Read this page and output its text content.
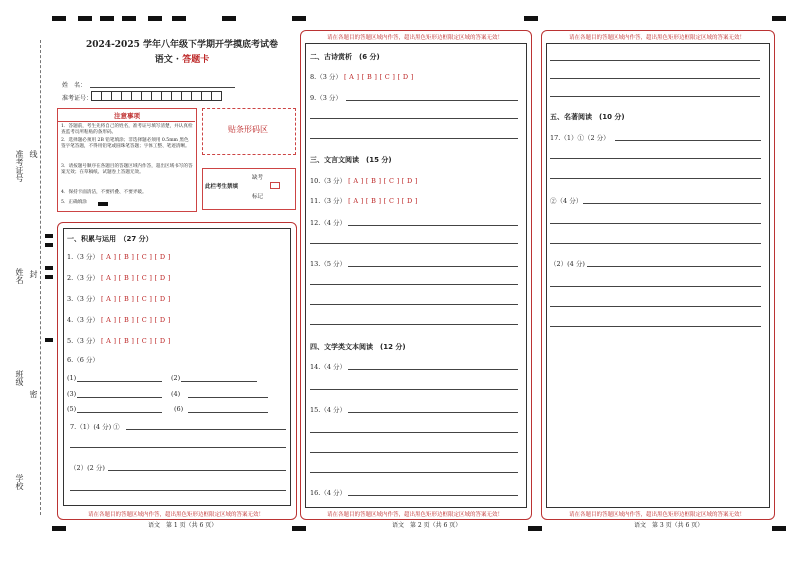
准考证号 线
姓名 封
班级
密
学校
2024-2025 学年八年级下学期开学摸底考试卷
语文 · 答题卡
姓　名：
准考证号：
注意事项
1．答题前，考生先将自己的姓名，准考证号填写清楚，并认真检查监考员所粘贴的条形码。
2．选择题必须用 2B 铅笔填涂；非选择题必须用 0.5mm 黑色签字笔答题，不得用铅笔或圆珠笔答题；字体工整、笔迹清晰。
3．请按题号顺序在各题目的答题区域内作答，超出区域书写的答案无效；在草稿纸、试题卷上答题无效。
4．保持卡面清洁，不要折叠、不要弄破。
5．正确填涂
贴条形码区
此栏考生禁填
缺考
标记
一、积累与运用　（27 分）
1.（3 分） [ A ] [ B ] [ C ] [ D ]
2.（3 分） [ A ] [ B ] [ C ] [ D ]
3.（3 分） [ A ] [ B ] [ C ] [ D ]
4.（3 分） [ A ] [ B ] [ C ] [ D ]
5.（3 分） [ A ] [ B ] [ C ] [ D ]
6.（6 分）
(1)	(2)
(3)	(4)
(5)	(6)
7.（1）(4 分) ①
（2）(2 分)
请在各题目的答题区域内作答，超出黑色矩形边框限定区域的答案无效！
语文　第 1 页（共 6 页）
请在各题目的答题区域内作答，超出黑色矩形边框限定区域的答案无效！
二、古诗赏析　(6 分)
8.（3 分） [ A ] [ B ] [ C ] [ D ]
9.（3 分）
三、文言文阅读　(15 分)
10.（3 分） [ A ] [ B ] [ C ] [ D ]
11.（3 分） [ A ] [ B ] [ C ] [ D ]
12.（4 分）
13.（5 分）
四、文学类文本阅读　(12 分)
14.（4 分）
15.（4 分）
16.（4 分）
请在各题目的答题区域内作答，超出黑色矩形边框限定区域的答案无效！
语文　第 2 页（共 6 页）
请在各题目的答题区域内作答，超出黑色矩形边框限定区域的答案无效！
五、名著阅读　(10 分)
17.（1）①（2 分）
②（4 分）
（2）(4 分)
请在各题目的答题区域内作答，超出黑色矩形边框限定区域的答案无效！
语文　第 3 页（共 6 页）
